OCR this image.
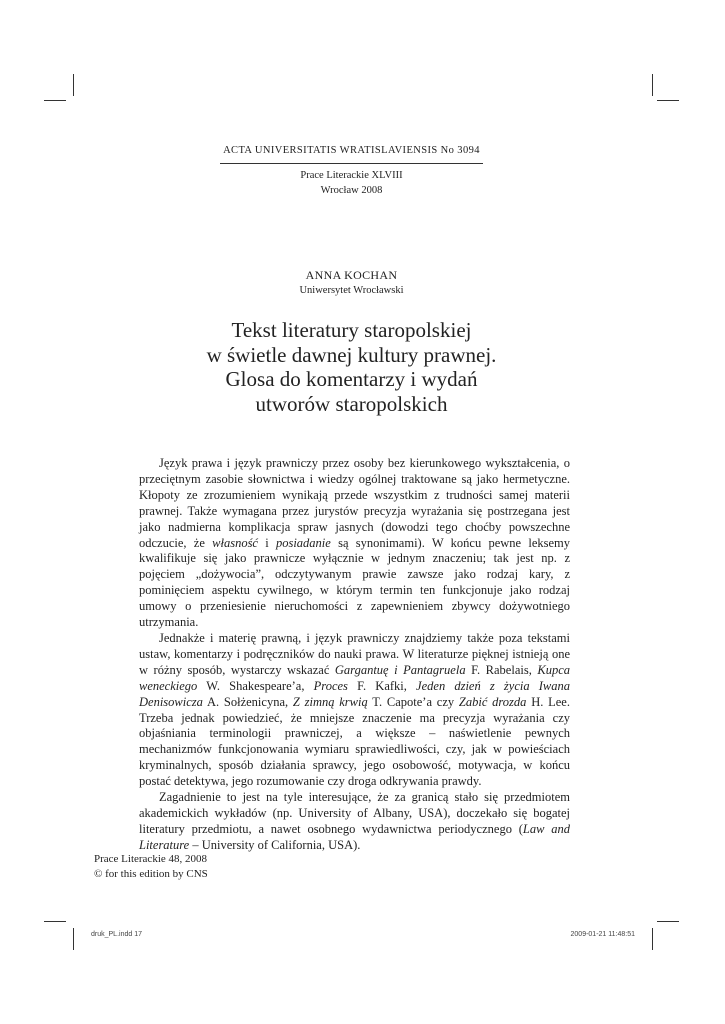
ACTA UNIVERSITATIS WRATISLAVIENSIS No 3094
Prace Literackie XLVIII
Wrocław 2008
ANNA KOCHAN
Uniwersytet Wrocławski
Tekst literatury staropolskiej
w świetle dawnej kultury prawnej.
Glosa do komentarzy i wydań
utworów staropolskich

Język prawa i język prawniczy przez osoby bez kierunkowego wykształcenia, o przeciętnym zasobie słownictwa i wiedzy ogólnej traktowane są jako hermetyczne. Kłopoty ze zrozumieniem wynikają przede wszystkim z trudności samej materii prawnej. Także wymagana przez jurystów precyzja wyrażania się postrzegana jest jako nadmierna komplikacja spraw jasnych (dowodzi tego choćby powszechne odczucie, że własność i posiadanie są synonimami). W końcu pewne leksemy kwalifikuje się jako prawnicze wyłącznie w jednym znaczeniu; tak jest np. z pojęciem „dożywocia”, odczytywanym prawie zawsze jako rodzaj kary, z pominięciem aspektu cywilnego, w którym termin ten funkcjonuje jako rodzaj umowy o przeniesienie nieruchomości z zapewnieniem zbywcy dożywotniego utrzymania.

Jednakże i materię prawną, i język prawniczy znajdziemy także poza tekstami ustaw, komentarzy i podręczników do nauki prawa. W literaturze pięknej istnieją one w różny sposób, wystarczy wskazać Gargantuę i Pantagruela F. Rabelais, Kupca weneckiego W. Shakespeare’a, Proces F. Kafki, Jeden dzień z życia Iwana Denisowicza A. Sołżenicyna, Z zimną krwią T. Capote’a czy Zabić drozda H. Lee. Trzeba jednak powiedzieć, że mniejsze znaczenie ma precyzja wyrażania czy objaśniania terminologii prawniczej, a większe – naświetlenie pewnych mechanizmów funkcjonowania wymiaru sprawiedliwości, czy, jak w powieściach kryminalnych, sposób działania sprawcy, jego osobowość, motywacja, w końcu postać detektywa, jego rozumowanie czy droga odkrywania prawdy.

Zagadnienie to jest na tyle interesujące, że za granicą stało się przedmiotem akademickich wykładów (np. University of Albany, USA), doczekało się bogatej literatury przedmiotu, a nawet osobnego wydawnictwa periodycznego (Law and Literature – University of California, USA).

Prace Literackie 48, 2008
© for this edition by CNS
druk_PL.indd 17	2009-01-21 11:48:51
